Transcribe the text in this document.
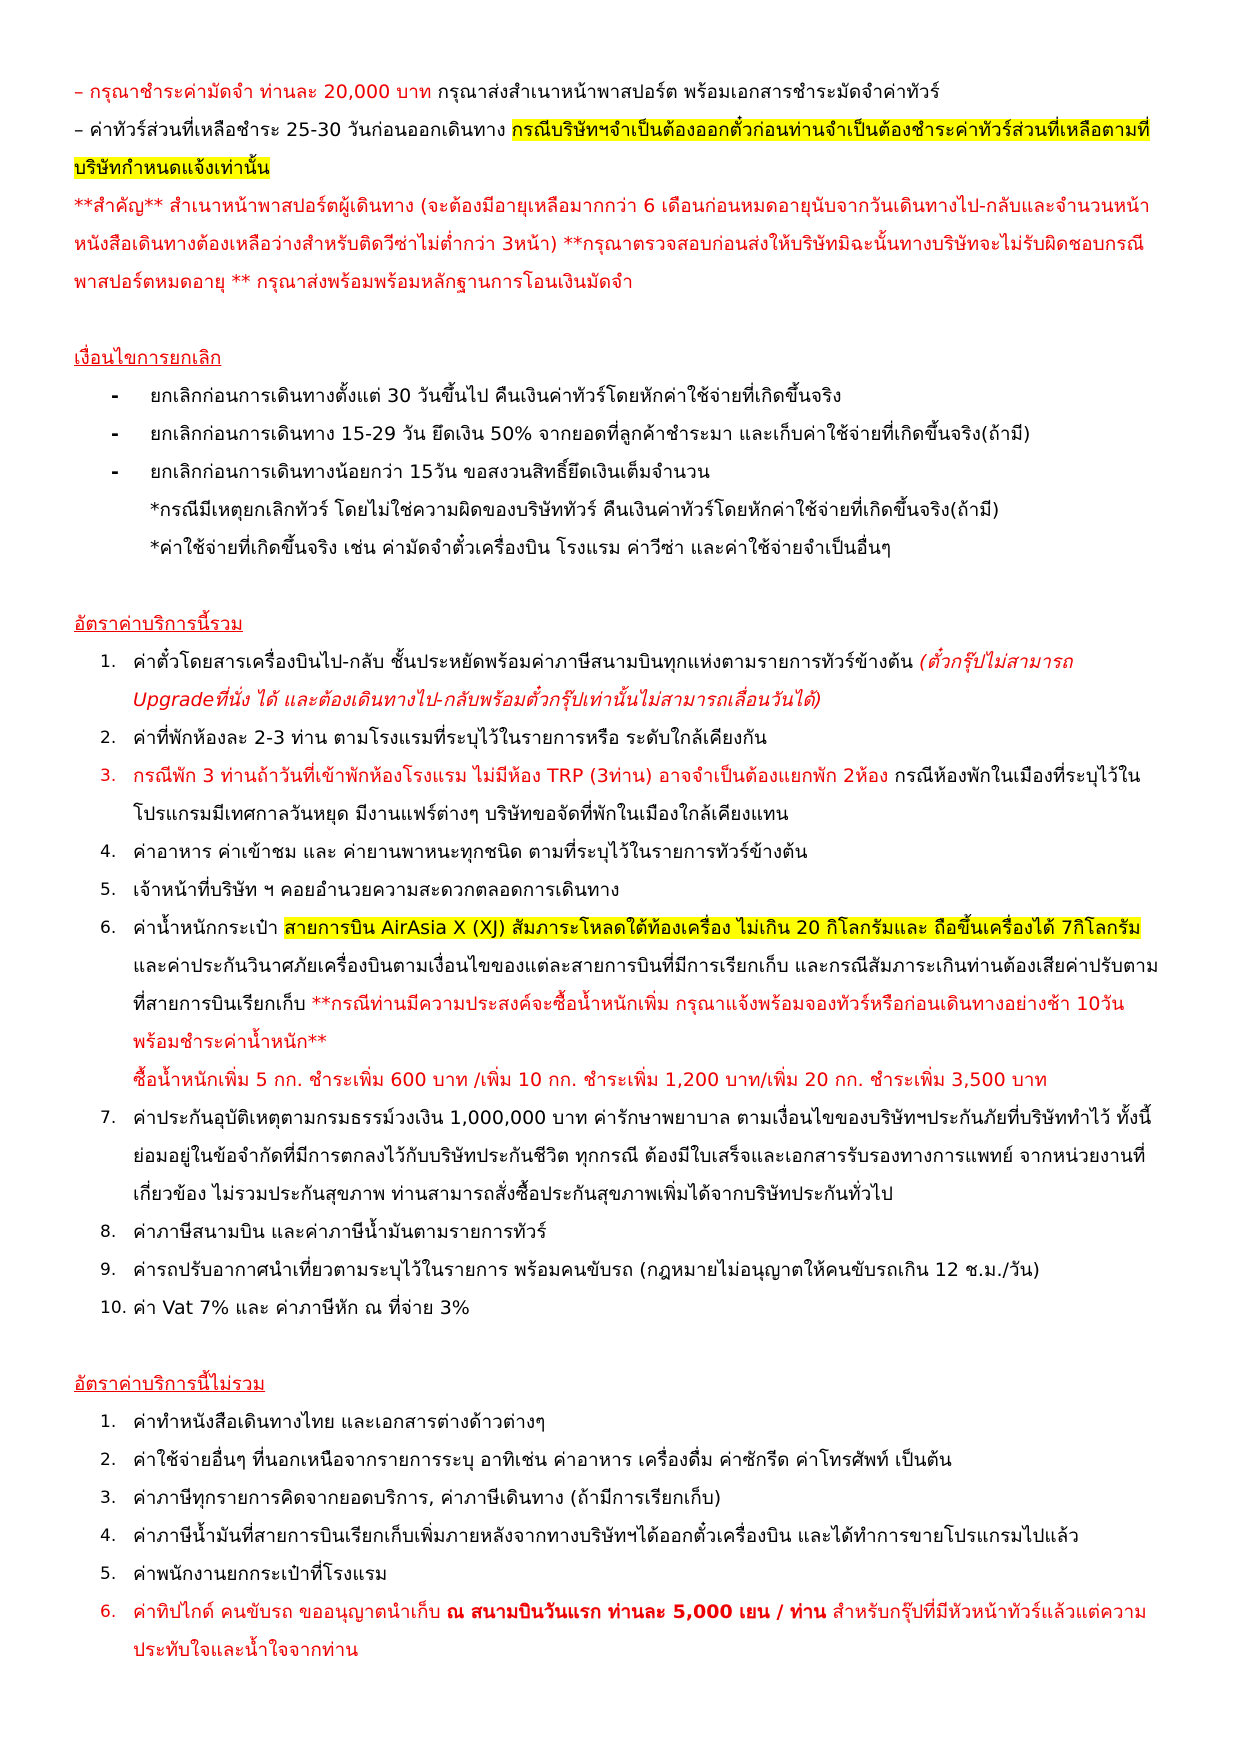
– กรุณาชำระค่ามัดจำ ท่านละ 20,000 บาท กรุณาส่งสำเนาหน้าพาสปอร์ต พร้อมเอกสารชำระมัดจำค่าทัวร์

– ค่าทัวร์ส่วนที่เหลือชำระ 25-30 วันก่อนออกเดินทาง กรณีบริษัทฯจำเป็นต้องออกตั๋วก่อนท่านจำเป็นต้องชำระค่าทัวร์ส่วนที่เหลือตามที่บริษัทกำหนดแจ้งเท่านั้น

**สำคัญ** สำเนาหน้าพาสปอร์ตผู้เดินทาง (จะต้องมีอายุเหลือมากกว่า 6 เดือนก่อนหมดอายุนับจากวันเดินทางไป-กลับและจำนวนหน้าหนังสือเดินทางต้องเหลือว่างสำหรับติดวีซ่าไม่ต่ำกว่า 3หน้า) **กรุณาตรวจสอบก่อนส่งให้บริษัทมิฉะนั้นทางบริษัทจะไม่รับผิดชอบกรณีพาสปอร์ตหมดอายุ ** กรุณาส่งพร้อมพร้อมหลักฐานการโอนเงินมัดจำ

เงื่อนไขการยกเลิก

- ยกเลิกก่อนการเดินทางตั้งแต่ 30 วันขึ้นไป คืนเงินค่าทัวร์โดยหักค่าใช้จ่ายที่เกิดขึ้นจริง
- ยกเลิกก่อนการเดินทาง 15-29 วัน ยึดเงิน 50% จากยอดที่ลูกค้าชำระมา และเก็บค่าใช้จ่ายที่เกิดขึ้นจริง(ถ้ามี)
- ยกเลิกก่อนการเดินทางน้อยกว่า 15วัน ขอสงวนสิทธิ์ยึดเงินเต็มจำนวน

*กรณีมีเหตุยกเลิกทัวร์ โดยไม่ใช่ความผิดของบริษัททัวร์ คืนเงินค่าทัวร์โดยหักค่าใช้จ่ายที่เกิดขึ้นจริง(ถ้ามี)

*ค่าใช้จ่ายที่เกิดขึ้นจริง เช่น ค่ามัดจำตั๋วเครื่องบิน โรงแรม ค่าวีซ่า และค่าใช้จ่ายจำเป็นอื่นๆ

อัตราค่าบริการนี้รวม

1. ค่าตั๋วโดยสารเครื่องบินไป-กลับ ชั้นประหยัดพร้อมค่าภาษีสนามบินทุกแห่งตามรายการทัวร์ข้างต้น (ตั๋วกรุ๊ปไม่สามารถ Upgradeที่นั่ง ได้ และต้องเดินทางไป-กลับพร้อมตั๋วกรุ๊ปเท่านั้นไม่สามารถเลื่อนวันได้)
2. ค่าที่พักห้องละ 2-3 ท่าน ตามโรงแรมที่ระบุไว้ในรายการหรือ ระดับใกล้เคียงกัน
3. กรณีพัก 3 ท่านถ้าวันที่เข้าพักห้องโรงแรม ไม่มีห้อง TRP (3ท่าน) อาจจำเป็นต้องแยกพัก 2ห้อง กรณีห้องพักในเมืองที่ระบุไว้ในโปรแกรมมีเทศกาลวันหยุด มีงานแฟร์ต่างๆ บริษัทขอจัดที่พักในเมืองใกล้เคียงแทน
4. ค่าอาหาร ค่าเข้าชม และ ค่ายานพาหนะทุกชนิด ตามที่ระบุไว้ในรายการทัวร์ข้างต้น
5. เจ้าหน้าที่บริษัท ฯ คอยอำนวยความสะดวกตลอดการเดินทาง
6. ค่าน้ำหนักกระเป๋า สายการบิน AirAsia X (XJ) สัมภาระโหลดใต้ท้องเครื่อง ไม่เกิน 20 กิโลกรัมและ ถือขึ้นเครื่องได้ 7กิโลกรัม และค่าประกันวินาศภัยเครื่องบินตามเงื่อนไขของแต่ละสายการบินที่มีการเรียกเก็บ และกรณีสัมภาระเกินท่านต้องเสียค่าปรับตามที่สายการบินเรียกเก็บ **กรณีท่านมีความประสงค์จะซื้อน้ำหนักเพิ่ม กรุณาแจ้งพร้อมจองทัวร์หรือก่อนเดินทางอย่างช้า 10วัน พร้อมชำระค่าน้ำหนัก**
ซื้อน้ำหนักเพิ่ม 5 กก. ชำระเพิ่ม 600 บาท /เพิ่ม 10 กก. ชำระเพิ่ม 1,200 บาท/เพิ่ม 20 กก. ชำระเพิ่ม 3,500 บาท
7. ค่าประกันอุบัติเหตุตามกรมธรรม์วงเงิน 1,000,000 บาท ค่ารักษาพยาบาล ตามเงื่อนไขของบริษัทฯประกันภัยที่บริษัททำไว้ ทั้งนี้ย่อมอยู่ในข้อจำกัดที่มีการตกลงไว้กับบริษัทประกันชีวิต ทุกกรณี ต้องมีใบเสร็จและเอกสารรับรองทางการแพทย์ จากหน่วยงานที่เกี่ยวข้อง ไม่รวมประกันสุขภาพ ท่านสามารถสั่งซื้อประกันสุขภาพเพิ่มได้จากบริษัทประกันทั่วไป
8. ค่าภาษีสนามบิน และค่าภาษีน้ำมันตามรายการทัวร์
9. ค่ารถปรับอากาศนำเที่ยวตามระบุไว้ในรายการ พร้อมคนขับรถ (กฎหมายไม่อนุญาตให้คนขับรถเกิน 12 ช.ม./วัน)
10. ค่า Vat 7% และ ค่าภาษีหัก ณ ที่จ่าย 3%

อัตราค่าบริการนี้ไม่รวม

1. ค่าทำหนังสือเดินทางไทย และเอกสารต่างด้าวต่างๆ
2. ค่าใช้จ่ายอื่นๆ ที่นอกเหนือจากรายการระบุ อาทิเช่น ค่าอาหาร เครื่องดื่ม ค่าซักรีด ค่าโทรศัพท์ เป็นต้น
3. ค่าภาษีทุกรายการคิดจากยอดบริการ, ค่าภาษีเดินทาง (ถ้ามีการเรียกเก็บ)
4. ค่าภาษีน้ำมันที่สายการบินเรียกเก็บเพิ่มภายหลังจากทางบริษัทฯได้ออกตั๋วเครื่องบิน และได้ทำการขายโปรแกรมไปแล้ว
5. ค่าพนักงานยกกระเป๋าที่โรงแรม
6. ค่าทิปไกด์ คนขับรถ ขออนุญาตนำเก็บ ณ สนามบินวันแรก ท่านละ 5,000 เยน / ท่าน สำหรับกรุ๊ปที่มีหัวหน้าทัวร์แล้วแต่ความประทับใจและน้ำใจจากท่าน
